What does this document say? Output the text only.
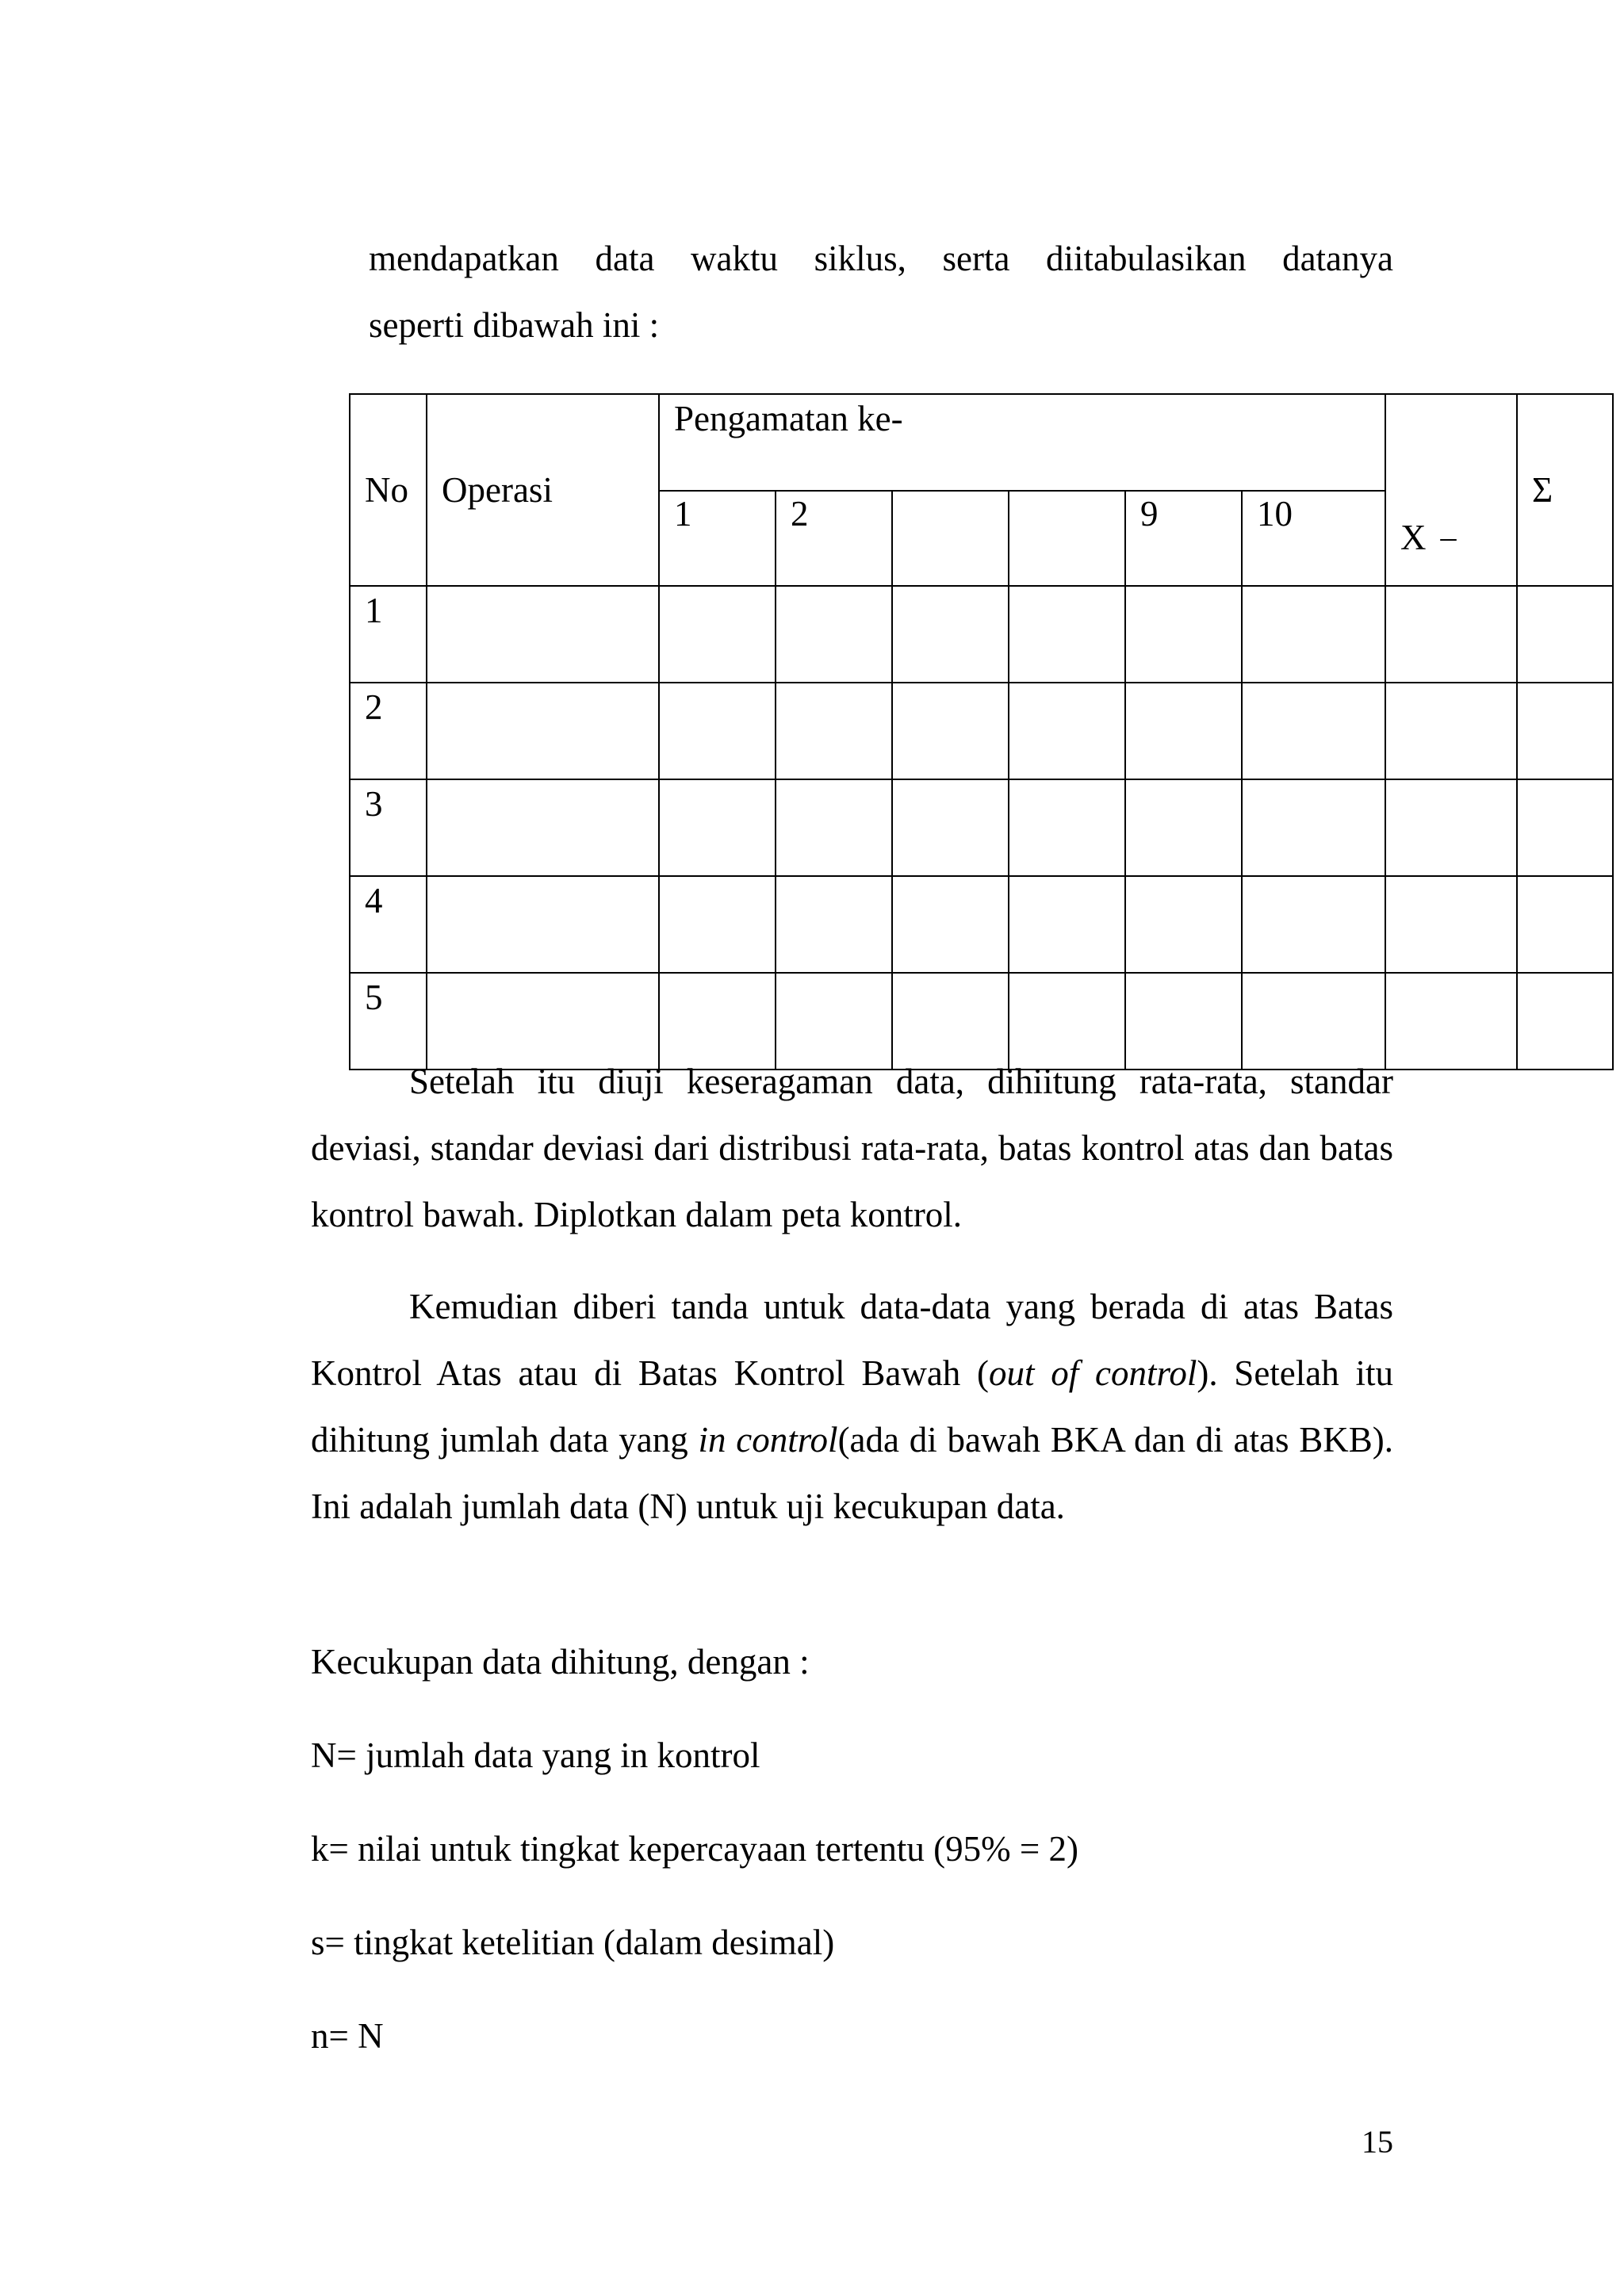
mendapatkan data waktu siklus, serta diitabulasikan datanya
seperti dibawah ini :
No	Operasi	Pengamatan ke-						X _	Σ
		1	2			9	10		
1									
2									
3									
4									
5									

Setelah itu diuji keseragaman data, dihiitung rata-rata, standar deviasi, standar deviasi dari distribusi rata-rata, batas kontrol atas dan batas kontrol bawah. Diplotkan dalam peta kontrol.

Kemudian diberi tanda untuk data-data yang berada di atas Batas Kontrol Atas atau di Batas Kontrol Bawah (out of control). Setelah itu dihitung jumlah data yang in control(ada di bawah BKA dan di atas BKB). Ini adalah jumlah data (N) untuk uji kecukupan data.

Kecukupan data dihitung, dengan :
N= jumlah data yang in kontrol
k= nilai untuk tingkat kepercayaan tertentu (95% = 2)
s= tingkat ketelitian (dalam desimal)
n= N
15
